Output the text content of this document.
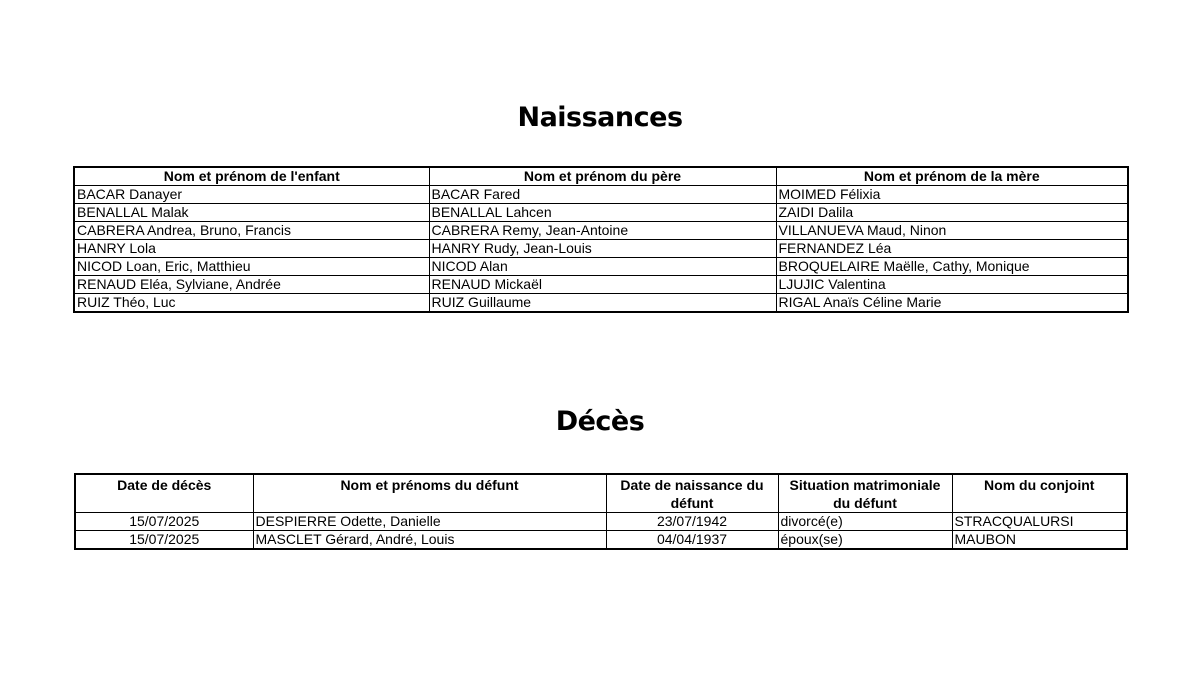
Naissances
Nom et prénom de l'enfant	Nom et prénom du père	Nom et prénom de la mère
BACAR Danayer	BACAR Fared	MOIMED Félixia
BENALLAL Malak	BENALLAL Lahcen	ZAIDI Dalila
CABRERA Andrea, Bruno, Francis	CABRERA Remy, Jean-Antoine	VILLANUEVA Maud, Ninon
HANRY Lola	HANRY Rudy, Jean-Louis	FERNANDEZ Léa
NICOD Loan, Eric, Matthieu	NICOD Alan	BROQUELAIRE Maëlle, Cathy, Monique
RENAUD Eléa, Sylviane, Andrée	RENAUD Mickaël	LJUJIC Valentina
RUIZ Théo, Luc	RUIZ Guillaume	RIGAL Anaïs Céline Marie
Décès
Date de décès	Nom et prénoms du défunt	Date de naissance du défunt	Situation matrimoniale du défunt	Nom du conjoint
15/07/2025	DESPIERRE Odette, Danielle	23/07/1942	divorcé(e)	STRACQUALURSI
15/07/2025	MASCLET Gérard, André, Louis	04/04/1937	époux(se)	MAUBON
